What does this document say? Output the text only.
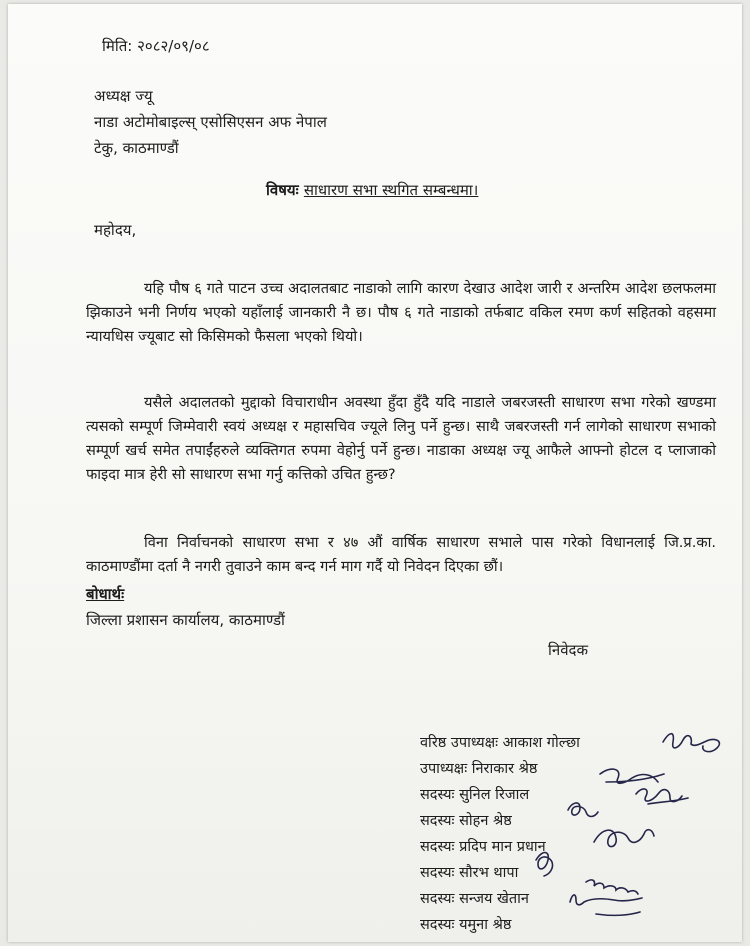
मिति: २०८२/०९/०८
अध्यक्ष ज्यू
नाडा अटोमोबाइल्स् एसोसिएसन अफ नेपाल
टेकु, काठमाण्डौं
विषयः साधारण सभा स्थगित सम्बन्धमा।
महोदय,

यहि पौष ६ गते पाटन उच्च अदालतबाट नाडाको लागि कारण देखाउ आदेश जारी र अन्तरिम आदेश छलफलमा झिकाउने भनी निर्णय भएको यहाँलाई जानकारी नै छ। पौष ६ गते नाडाको तर्फबाट वकिल रमण कर्ण सहितको वहसमा न्यायधिस ज्यूबाट सो किसिमको फैसला भएको थियो।

यसैले अदालतको मुद्दाको विचाराधीन अवस्था हुँदा हुँदै यदि नाडाले जबरजस्ती साधारण सभा गरेको खण्डमा त्यसको सम्पूर्ण जिम्मेवारी स्वयं अध्यक्ष र महासचिव ज्यूले लिनु पर्ने हुन्छ। साथै जबरजस्ती गर्न लागेको साधारण सभाको सम्पूर्ण खर्च समेत तपाईंहरुले व्यक्तिगत रुपमा वेहोर्नु पर्ने हुन्छ। नाडाका अध्यक्ष ज्यू आफैले आफ्नो होटल द प्लाजाको फाइदा मात्र हेरी सो साधारण सभा गर्नु कत्तिको उचित हुन्छ?

विना निर्वाचनको साधारण सभा र ४७ औं वार्षिक साधारण सभाले पास गरेको विधानलाई जि.प्र.का. काठमाण्डौंमा दर्ता नै नगरी तुवाउने काम बन्द गर्न माग गर्दै यो निवेदन दिएका छौं।

बोधार्थः
जिल्ला प्रशासन कार्यालय, काठमाण्डौं
निवेदक
वरिष्ठ उपाध्यक्षः आकाश गोल्छा
उपाध्यक्षः निराकार श्रेष्ठ
सदस्यः सुनिल रिजाल
सदस्यः सोहन श्रेष्ठ
सदस्यः प्रदिप मान प्रधान
सदस्यः सौरभ थापा
सदस्यः सन्जय खेतान
सदस्यः यमुना श्रेष्ठ
